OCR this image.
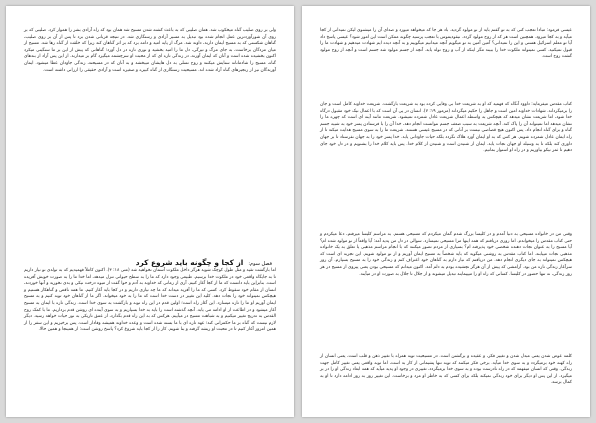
ولی بر روی صلیب گناه میخکوب شد. همان صلیبی که به باعث کشته شدن مسیح شد همان بود که راه آزادی بشر را هموار کرد. صلیبی که بر روی آن شورآوردترین عمل انجام شده بود تبدیل به مسیر آزادی و رستگاری شد. در نتیجه قربانی شدن برد تا پس از آن بر روی صلیب، گناهان شکستی که به مسیح ایمان دارند، داوند شد. مرگ از پایه امید و دامه برد که بر اثر گناهان کند زیرا که خلقت از گناه رها شد. مسیح از میان مردگان برخاست، به جای مرگ و تیرگی، دل ما را امید بخشید و نوری تازه در دل آورد؛ گناهانی که پیش از این بر ما سنگینی میکرد اکنون بخشیده شده است و آنان که ایمان آورند، در زندگی تازه ای که از محبت او سرچشمه میگیرد گام بر میدارند. از این پس آزاد از بندهای گناه، مسیح را شادمانانه ستایش میکنند و روح تسلی به دل هایشان میبخشد و به آنان که در مسیحند، زندگی جاودان عطا میشود. ایمان آورندگان نیز از زنجیرهای گناه آزاد شده اند. مسیحیت رستگاری از گناه کبیره و صغیره است و آزادی حقیقی را ارزانی داشته است.

فصل سوم: از کجا و چگونه باید شروع کرد

اما بازگشت تقید و مثل طول کوچک شوید هرگز داخل ملکوت آسمان نخواهید شد (متی ۱۸: ۳). اکنون کاملاً فهمیدیم که به تولدی نو نیاز داریم تا به جایگاه واقعی خود در ملکوت خدا برسیم. طبیعی وجود دارد که ما را به سطح حیوانی تنزل میدهد، اما خدا ما را به صورت خویش آفریده است. بنابراین باید دانست که ما از کجا آغاز کنیم. آری از زمانی که خداوند به آدم و حوا گفت از میوه درخت نیکی و بدی نخورید و آنها خوردند، انسان از مقام خود سقوط کرد. کسی که ما را آفرید میداند که ما چه نیازی داریم و در کجا باید آغاز کنیم. ما همه ناقص و گناهکار هستیم و هیچکس نمیتواند خود را نجات دهد. کلید این تغییر در دست خدا است که ما را به خود میخواند. اگر ما از گناهان خود توبه کنیم و به مسیح ایمان آوریم او ما را تازه میسازد. این آغاز راه است؛ اولین قدم در این راه توبه و بازگشت به سوی خدا است. زندگی تازه با ایمان به مسیح آغاز میشود و در اطاعت از او ادامه می یابد. آنچه گذشته است را باید به خدا بسپاریم و به سوی آینده ای روشن قدم برداریم. ما با کمک روح القدس به تدریج تغییر میکنیم و به شباهت مسیح در میآییم. هرکس که به این راه قدم بگذارد، از عمق تاریکی به نور حیات خواهد رسید. دیگر لازم نیست که گناه بر ما حکمرانی کند؛ عهد تازه ای با ما بسته شده است و وعده خداوند همیشه وفادار است. پس برخیزیم و این سفر را از همین امروز آغاز کنیم تا در محبت او ریشه گرفته و بنا شویم. کار را از کجا باید شروع کرد؟ پاسخ روشن است: از همینجا و همین حالا.

عیسی فرمود: مبادا تعجب کنی که به تو گفتم باید از نو مولود گردید. باد هر جا که میخواهد میوزد و صدای آن را میشنوی لیکن نمیدانی از کجا میآید و به کجا میرود. همچنین است هر که از روح مولود گردد. نیقودیموس با تعجب پرسید چگونه ممکن است این امور شود؟ عیسی پاسخ داد آیا تو معلم اسرائیل هستی و این را نمیدانی؟ آمین آمین به تو میگویم آنچه میدانیم میگوییم و به آنچه دیده ایم شهادت میدهیم و شهادت ما را قبول نمیکنید. کسی نمیتواند ملکوت خدا را ببیند مگر اینکه از آب و روح تولد یابد. آنچه از جسم مولود شد جسم است و آنچه از روح مولود گشت روح است.

کتاب مقدس میفرماید: داوود آنگاه که فهمید که او به شریعت خدا بی وفایی کرده بود به شریعت بازگشت. شریعت خداوند کامل است و جان را برمیگرداند. شهادات خداوند امین است و جاهل را حکیم میگرداند (مزمور ۱۹: ۷). انسان در پی آن است که با اعمال نیک خود مقبول درگاه خدا شود، اما شریعت نشان میدهد که هیچکس به واسطه اعمال شریعت عادل شمرده نمیشود. شریعت مانند آینه ای است که چهره ما را نشان میدهد اما نمیتواند آن را پاک کند. آنچه شریعت به سبب ضعف جسم نتوانست انجام دهد، خدا آن را با فرستادن پسر خود به شبیه جسم گناه و برای گناه انجام داد. پس اکنون هیچ قصاصی نیست بر آنانی که در مسیح عیسی هستند. شریعت ما را به سوی مسیح هدایت میکند تا از راه ایمان عادل شمرده شویم. هر کس که به او ایمان آورد هلاک نگردد بلکه حیات جاودانی یابد. خدا پسر خود را به جهان نفرستاد تا بر جهان داوری کند بلکه تا به وسیله او جهان نجات یابد. ایمان از شنیدن است و شنیدن از کلام خدا. پس باید کلام خدا را بشنویم و در دل خود جای دهیم تا ثمر نیکو بیاوریم و در راه او استوار بمانیم.

وقتی من در خانواده مسیحی به دنیا آمدم و در کلیسا بزرگ شدم گمان میکردم که مسیحی هستم. به مراسم کلیسا میرفتم، دعا میکردم و حتی کتاب مقدس را میخواندم. اما روزی دریافتم که همه اینها مرا مسیحی نمیسازد. سوالی در دل من پدید آمد: آیا واقعاً از نو مولود شده ام؟ آیا مسیح را به عنوان نجات دهنده شخصی خود پذیرفته ام؟ بسیاری از مردم تصور میکنند که با انجام مراسم مذهبی یا تعلق به یک خانواده مذهبی نجات مییابند. اما کتاب مقدس به روشنی میگوید که باید شخصاً به مسیح ایمان آوریم و از نو مولود شویم. این تجربه ای است که هیچکس نمیتواند به جای دیگری انجام دهد. من دریافتم که نیاز دارم به گناهان خود اعتراف کنم و زندگی خود را به مسیح بسپارم. آن روز سرآغاز زندگی تازه من بود. آرامشی که پیش از آن هرگز نچشیده بودم به دلم آمد. اکنون میدانم که مسیحی بودن یعنی پیروی از مسیح در هر روز زندگی، نه تنها حضور در کلیسا. کسانی که راه او را میپیمایند تبدیل میشوند و از جلال تا جلال به صورت او در میآیند.

کلمه عوض شدن یعنی مبدل شدن و تغییر فکر، و عقیده و برگشتن است. در مسیحیت توبه همراه با تغییر ذهن و قلب است، یعنی انسان از راه کهنه خود برمیگردد و به سوی خدا میآید. برخی فکر میکنند که توبه تنها پشیمانی از کار بد است، اما توبه واقعی یعنی تغییر کامل جهت زندگی. وقتی که انسان میفهمد که در راه نادرست بوده و به سوی خدا برمیگردد، تغییری در وجود او پدید میآید که همه ابعاد زندگی او را در بر میگیرد. از این پس او دیگر برای خود زندگی نمیکند بلکه برای کسی که به خاطر او مرد و برخاست. این تغییر روز به روز ادامه دارد تا او به کمال برسد.
